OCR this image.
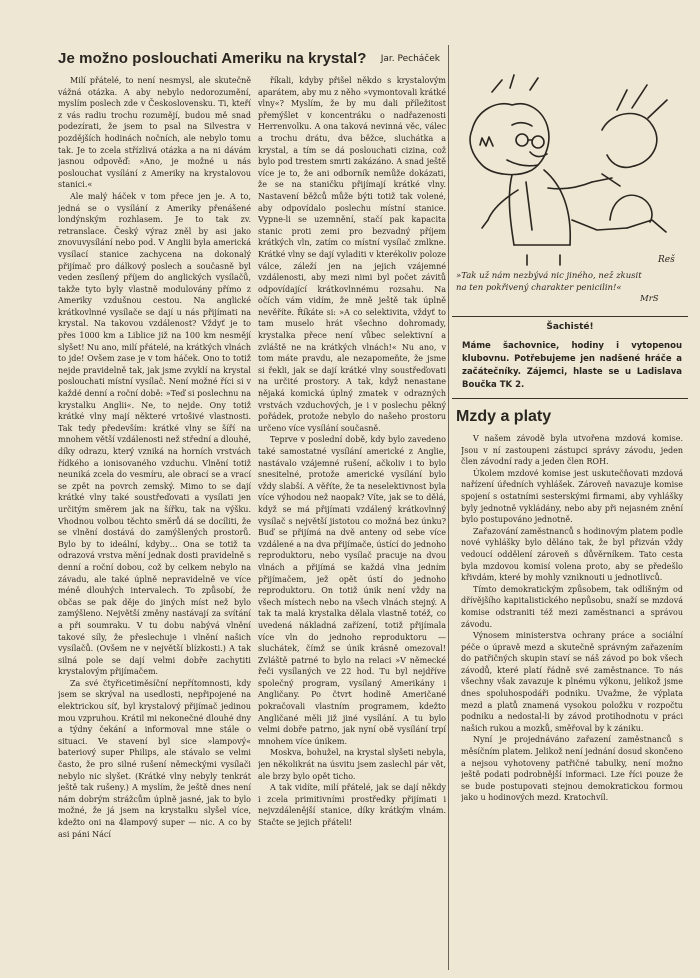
Je možno poslouchati Ameriku na krystal?	Jar. Pecháček

Milí přátelé, to není nesmysl, ale skutečně vážná otázka. A aby nebylo nedorozumění, myslím poslech zde v Československu. Ti, kteří z vás radiu trochu rozumějí, budou mě snad podezírati, že jsem to psal na Silvestra v pozdějších hodinách nočních, ale nebylo tomu tak. Je to zcela střízlivá otázka a na ni dávám jasnou odpověď: »Ano, je možné u nás poslouchat vysílání z Ameriky na krystalovou stanici.«

Ale malý háček v tom přece jen je. A to, jedná se o vysílání z Ameriky přenášené londýnským rozhlasem. Je to tak zv. retranslace. Český výraz zněl by asi jako znovuvysílání nebo pod. V Anglii byla americká vysílací stanice zachycena na dokonalý přijímač pro dálkový poslech a současně byl veden zesílený příjem do anglických vysílačů, takže tyto byly vlastně modulovány přímo z Ameriky vzdušnou cestou. Na anglické krátkovlnné vysílače se dají u nás přijímati na krystal. Na takovou vzdálenost? Vždyť je to přes 1000 km a Liblice již na 100 km nesmějí slyšet! Nu ano, milí přátelé, na krátkých vlnách to jde! Ovšem zase je v tom háček. Ono to totiž nejde pravidelně tak, jak jsme zvyklí na krystal poslouchati místní vysílač. Není možné říci si v každé denní a roční době: »Teď si poslechnu na krystalku Anglii«. Ne, to nejde. Ony totiž krátké vlny mají některé vrtošivé vlastnosti. Tak tedy především: krátké vlny se šíří na mnohem větší vzdálenosti než střední a dlouhé, díky odrazu, který vzniká na horních vrstvách řídkého a ionisovaného vzduchu. Vlnění totiž neuniká zcela do vesmíru, ale obrací se a vrací se zpět na povrch zemský. Mimo to se dají krátké vlny také soustřeďovati a vysílati jen určitým směrem jak na šířku, tak na výšku. Vhodnou volbou těchto směrů dá se docíliti, že se vlnění dostává do zamýšlených prostorů. Bylo by to ideální, kdyby… Ona se totiž ta odrazová vrstva mění jednak dosti pravidelně s denní a roční dobou, což by celkem nebylo na závadu, ale také úplně nepravidelně ve více méně dlouhých intervalech. To způsobí, že občas se pak děje do jiných míst než bylo zamýšleno. Největší změny nastávají za svítání a při soumraku. V tu dobu nabývá vlnění takové síly, že přeslechuje i vlnění našich vysílačů. (Ovšem ne v největší blízkosti.) A tak silná pole se dají velmi dobře zachytiti krystalovým přijímačem.

Za své čtyřicetiměsíční nepřítomnosti, kdy jsem se skrýval na usedlosti, nepřipojené na elektrickou síť, byl krystalový přijímač jedinou mou vzpruhou. Krátil mi nekonečné dlouhé dny a týdny čekání a informoval mne stále o situaci. Ve stavení byl sice »lampový« bateriový super Philips, ale stávalo se velmi často, že pro silné rušení německými vysílači nebylo nic slyšet. (Krátké vlny nebyly tenkrát ještě tak rušeny.) A myslím, že ještě dnes není nám dobrým strážcům úplně jasné, jak to bylo možné, že já jsem na krystalku slyšel více, kdežto oni na 4lampový super — nic. A co by asi páni Nácí

říkali, kdyby přišel někdo s krystalovým aparátem, aby mu z něho »vymontovali krátké vlny«? Myslím, že by mu dali příležitost přemýšlet v koncentráku o nadřazenosti Herrenvolku. A ona taková nevinná věc, válec a trochu drátu, dva běžce, sluchátka a krystal, a tím se dá poslouchati cizina, což bylo pod trestem smrti zakázáno. A snad ještě více je to, že ani odborník nemůže dokázati, že se na staničku přijímají krátké vlny. Nastavení běžců může býti totiž tak volené, aby odpovídalo poslechu místní stanice. Vypne-li se uzemnění, stačí pak kapacita stanic proti zemi pro bezvadný příjem krátkých vln, zatím co místní vysílač zmlkne. Krátké vlny se dají vyladiti v kterékoliv poloze válce, záleží jen na jejich vzájemné vzdálenosti, aby mezi nimi byl počet závitů odpovídající krátkovlnnému rozsahu. Na očích vám vidím, že mně ještě tak úplně nevěříte. Říkáte si: »A co selektivita, vždyť to tam muselo hrát všechno dohromady, krystalka přece není vůbec selektivní a zvláště ne na krátkých vlnách!« Nu ano, v tom máte pravdu, ale nezapomeňte, že jsme si řekli, jak se dají krátké vlny soustřeďovati na určité prostory. A tak, když nenastane nějaká komická úplný zmatek v odrazných vrstvách vzduchových, je i v poslechu pěkný pořádek, protože nebylo do našeho prostoru určeno více vysílání současně.

Teprve v poslední době, kdy bylo zavedeno také samostatné vysílání americké z Anglie, nastávalo vzájemné rušení, ačkoliv i to bylo snesitelné, protože americké vysílání bylo vždy slabší. A věříte, že ta neselektivnost byla více výhodou než naopak? Víte, jak se to dělá, když se má přijímati vzdálený krátkovlnný vysílač s největší jistotou co možná bez únku? Buď se přijímá na dvě anteny od sebe více vzdálené a na dva přijímače, ústící do jednoho reproduktoru, nebo vysílač pracuje na dvou vlnách a přijímá se každá vlna jedním přijímačem, jež opět ústí do jednoho reproduktoru. On totiž únik není vždy na všech místech nebo na všech vlnách stejný. A tak ta malá krystalka dělala vlastně totéž, co uvedená nákladná zařízení, totiž přijímala více vln do jednoho reproduktoru — sluchátek, čímž se únik krásně omezoval! Zvláště patrné to bylo na relaci »V německé řeči vysílaných ve 22 hod. Tu byl nejdříve společný program, vysílaný Amerikány i Angličany. Po čtvrt hodině Američané pokračovali vlastním programem, kdežto Angličané měli již jiné vysílání. A tu bylo velmi dobře patrno, jak nyní obě vysílání trpí mnohem více únikem.

Moskva, bohužel, na krystal slyšeti nebyla, jen několikrát na úsvitu jsem zaslechl pár vět, ale brzy bylo opět ticho.

A tak vidíte, milí přátelé, jak se dají někdy i zcela primitivními prostředky přijímati i nejvzdálenější stanice, díky krátkým vlnám. Stačte se jejich přáteli!

Reš
»Tak už nám nezbývá nic jiného, než zkusit na ten pokřivený charakter penicilin!«
MrS
Šachisté!
Máme šachovnice, hodiny i vytopenou klubovnu. Potřebujeme jen nadšené hráče a začátečníky. Zájemci, hlaste se u Ladislava Boučka TK 2.
Mzdy a platy

V našem závodě byla utvořena mzdová komise. Jsou v ní zastoupeni zástupci správy závodu, jeden člen závodní rady a jeden člen ROH.

Úkolem mzdové komise jest uskutečňovati mzdová nařízení úředních vyhlášek. Zároveň navazuje komise spojení s ostatními sesterskými firmami, aby vyhlášky byly jednotně vykládány, nebo aby při nejasném znění bylo postupováno jednotně.

Zařazování zaměstnanců s hodinovým platem podle nové vyhlášky bylo děláno tak, že byl přizván vždy vedoucí oddělení zároveň s důvěrníkem. Tato cesta byla mzdovou komisí volena proto, aby se předešlo křivdám, které by mohly vzniknouti u jednotlivců.

Tímto demokratickým způsobem, tak odlišným od dřívějšího kapitalistického nepůsobu, snaží se mzdová komise odstraniti též mezi zaměstnanci a správou závodu.

Výnosem ministerstva ochrany práce a sociální péče o úpravě mezd a skutečně správným zařazením do patřičných skupin staví se náš závod po bok všech závodů, které platí řádně své zaměstnance. To nás všechny však zavazuje k plnému výkonu, jelikož jsme dnes spoluhospodáři podniku. Uvažme, že výplata mezd a platů znamená vysokou položku v rozpočtu podniku a nedostal-li by závod protihodnotu v práci našich rukou a mozků, směřoval by k zániku.

Nyní je projednáváno zařazení zaměstnanců s měsíčním platem. Jelikož není jednání dosud skončeno a nejsou vyhotoveny patřičné tabulky, není možno ještě podati podrobnější informaci. Lze říci pouze že se bude postupovati stejnou demokratickou formou jako u hodinových mezd. Kratochvíl.
